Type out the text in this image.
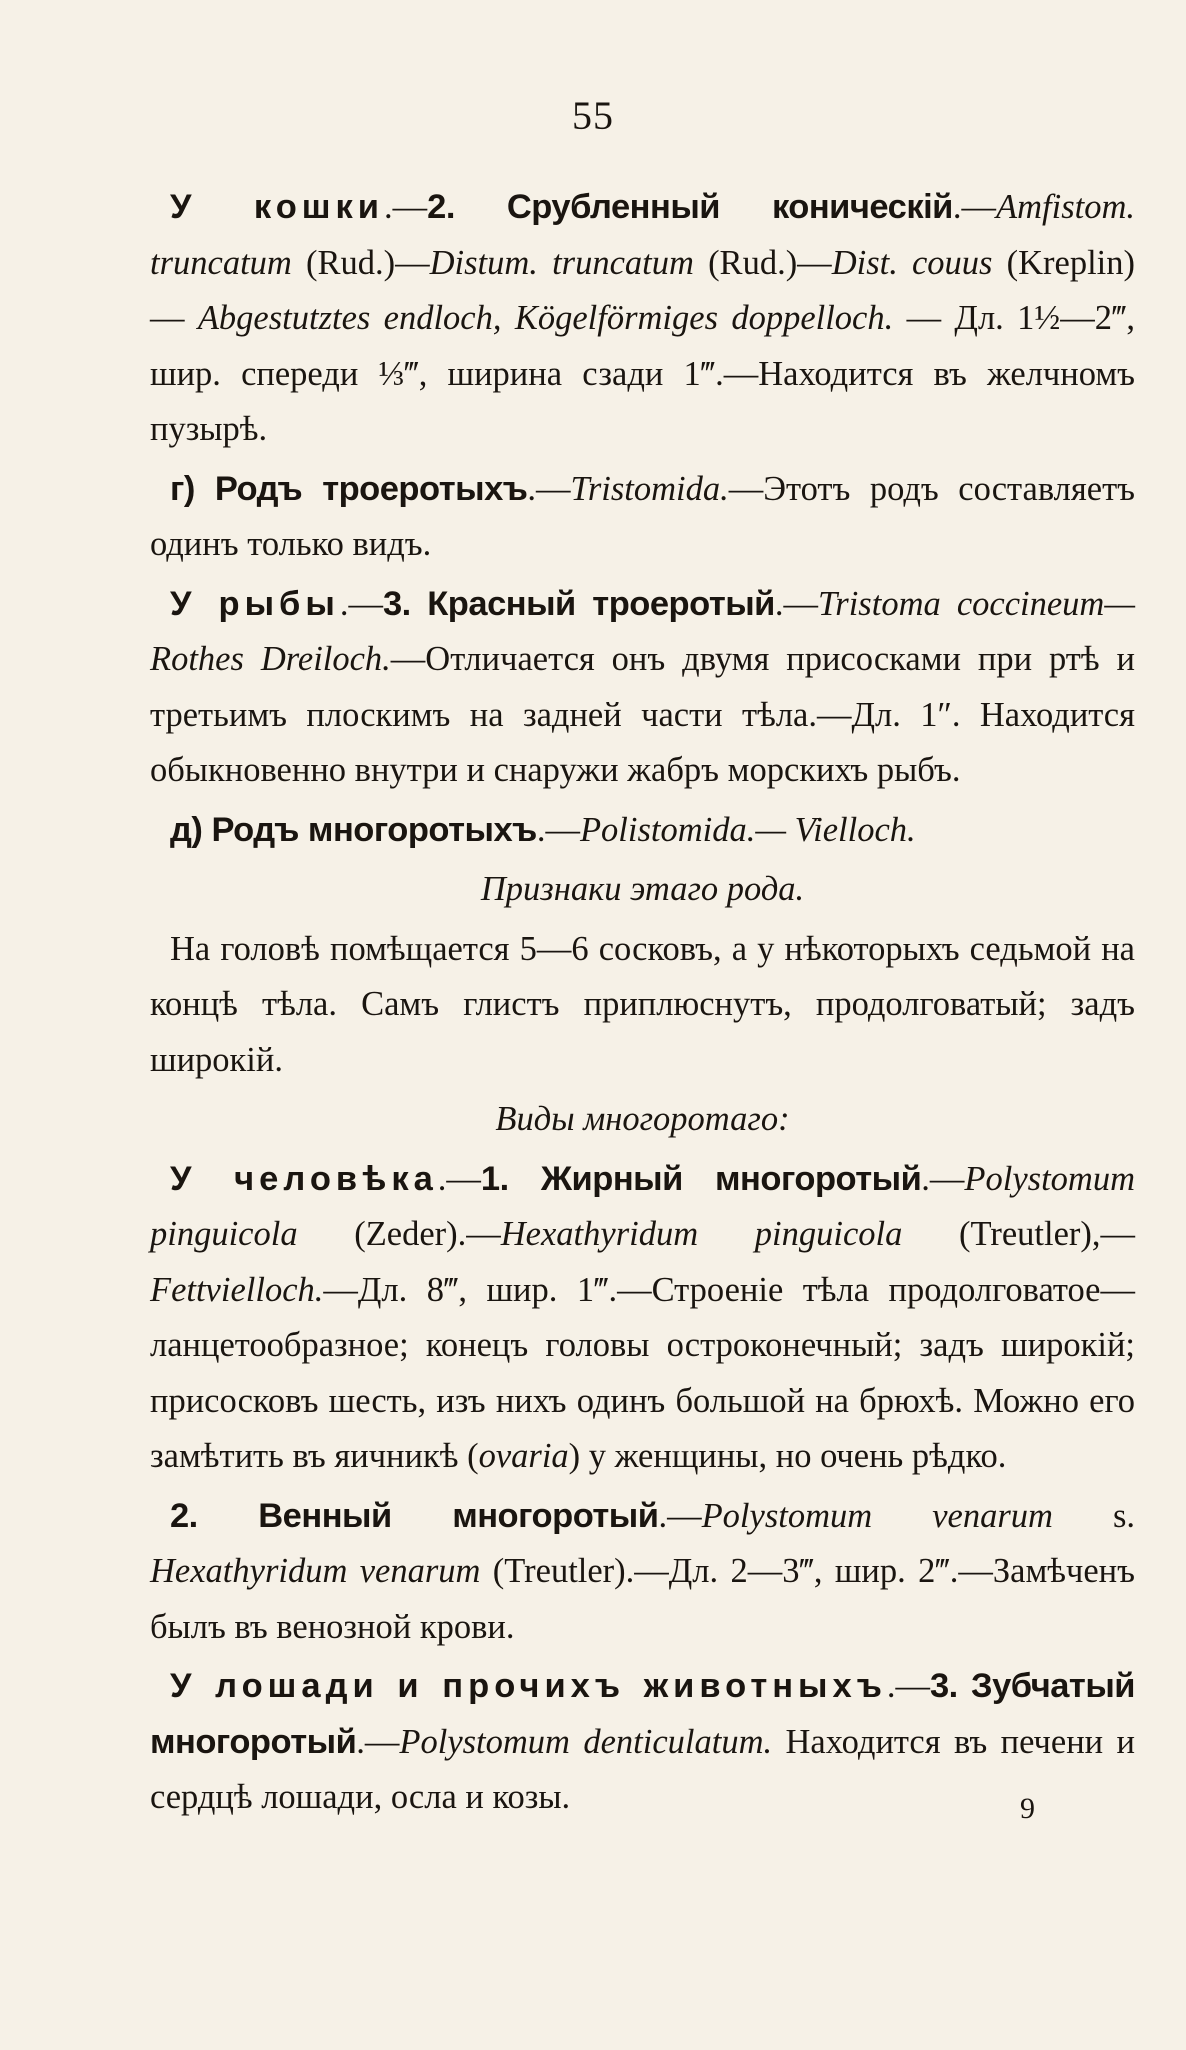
55

У кошки.—2. Срубленный коническій.—Amfistom. truncatum (Rud.)—Distum. truncatum (Rud.)—Dist. couus (Krеplin) — Abgestutztes endloch, Kögelförmiges doppelloch. — Дл. 1½—2‴, шир. спереди ⅓‴, ширина сзади 1‴.—Находится въ желчномъ пузырѣ.

г) Родъ троеротыхъ.—Tristomida.—Этотъ родъ составляетъ одинъ только видъ.

У рыбы.—3. Красный троеротый.—Tristoma coccineum—Rothes Dreiloch.—Отличается онъ двумя присосками при ртѣ и третьимъ плоскимъ на задней части тѣла.—Дл. 1″. Находится обыкновенно внутри и снаружи жабръ морскихъ рыбъ.

д) Родъ многоротыхъ.—Polistomida.— Vielloch.

Признаки этаго рода.

На головѣ помѣщается 5—6 сосковъ, а у нѣкоторыхъ седьмой на концѣ тѣла. Самъ глистъ приплюснутъ, продолговатый; задъ широкій.

Виды многоротаго:

У человѣка.—1. Жирный многоротый.—Polystomum pinguicola (Zeder).—Hexathyridum pinguicola (Treutler),—Fettvielloch.—Дл. 8‴, шир. 1‴.—Строеніе тѣла продолговатое— ланцетообразное; конецъ головы остроконечный; задъ широкій; присосковъ шесть, изъ нихъ одинъ большой на брюхѣ. Можно его замѣтить въ яичникѣ (ovaria) у женщины, но очень рѣдко.

2. Венный многоротый.—Polystomum venarum s. Hexathyridum venarum (Treutler).—Дл. 2—3‴, шир. 2‴.—Замѣченъ былъ въ венозной крови.

У лошади и прочихъ животныхъ.—3. Зубчатый многоротый.—Polystomum denticulatum. Находится въ печени и сердцѣ лошади, осла и козы.	9
